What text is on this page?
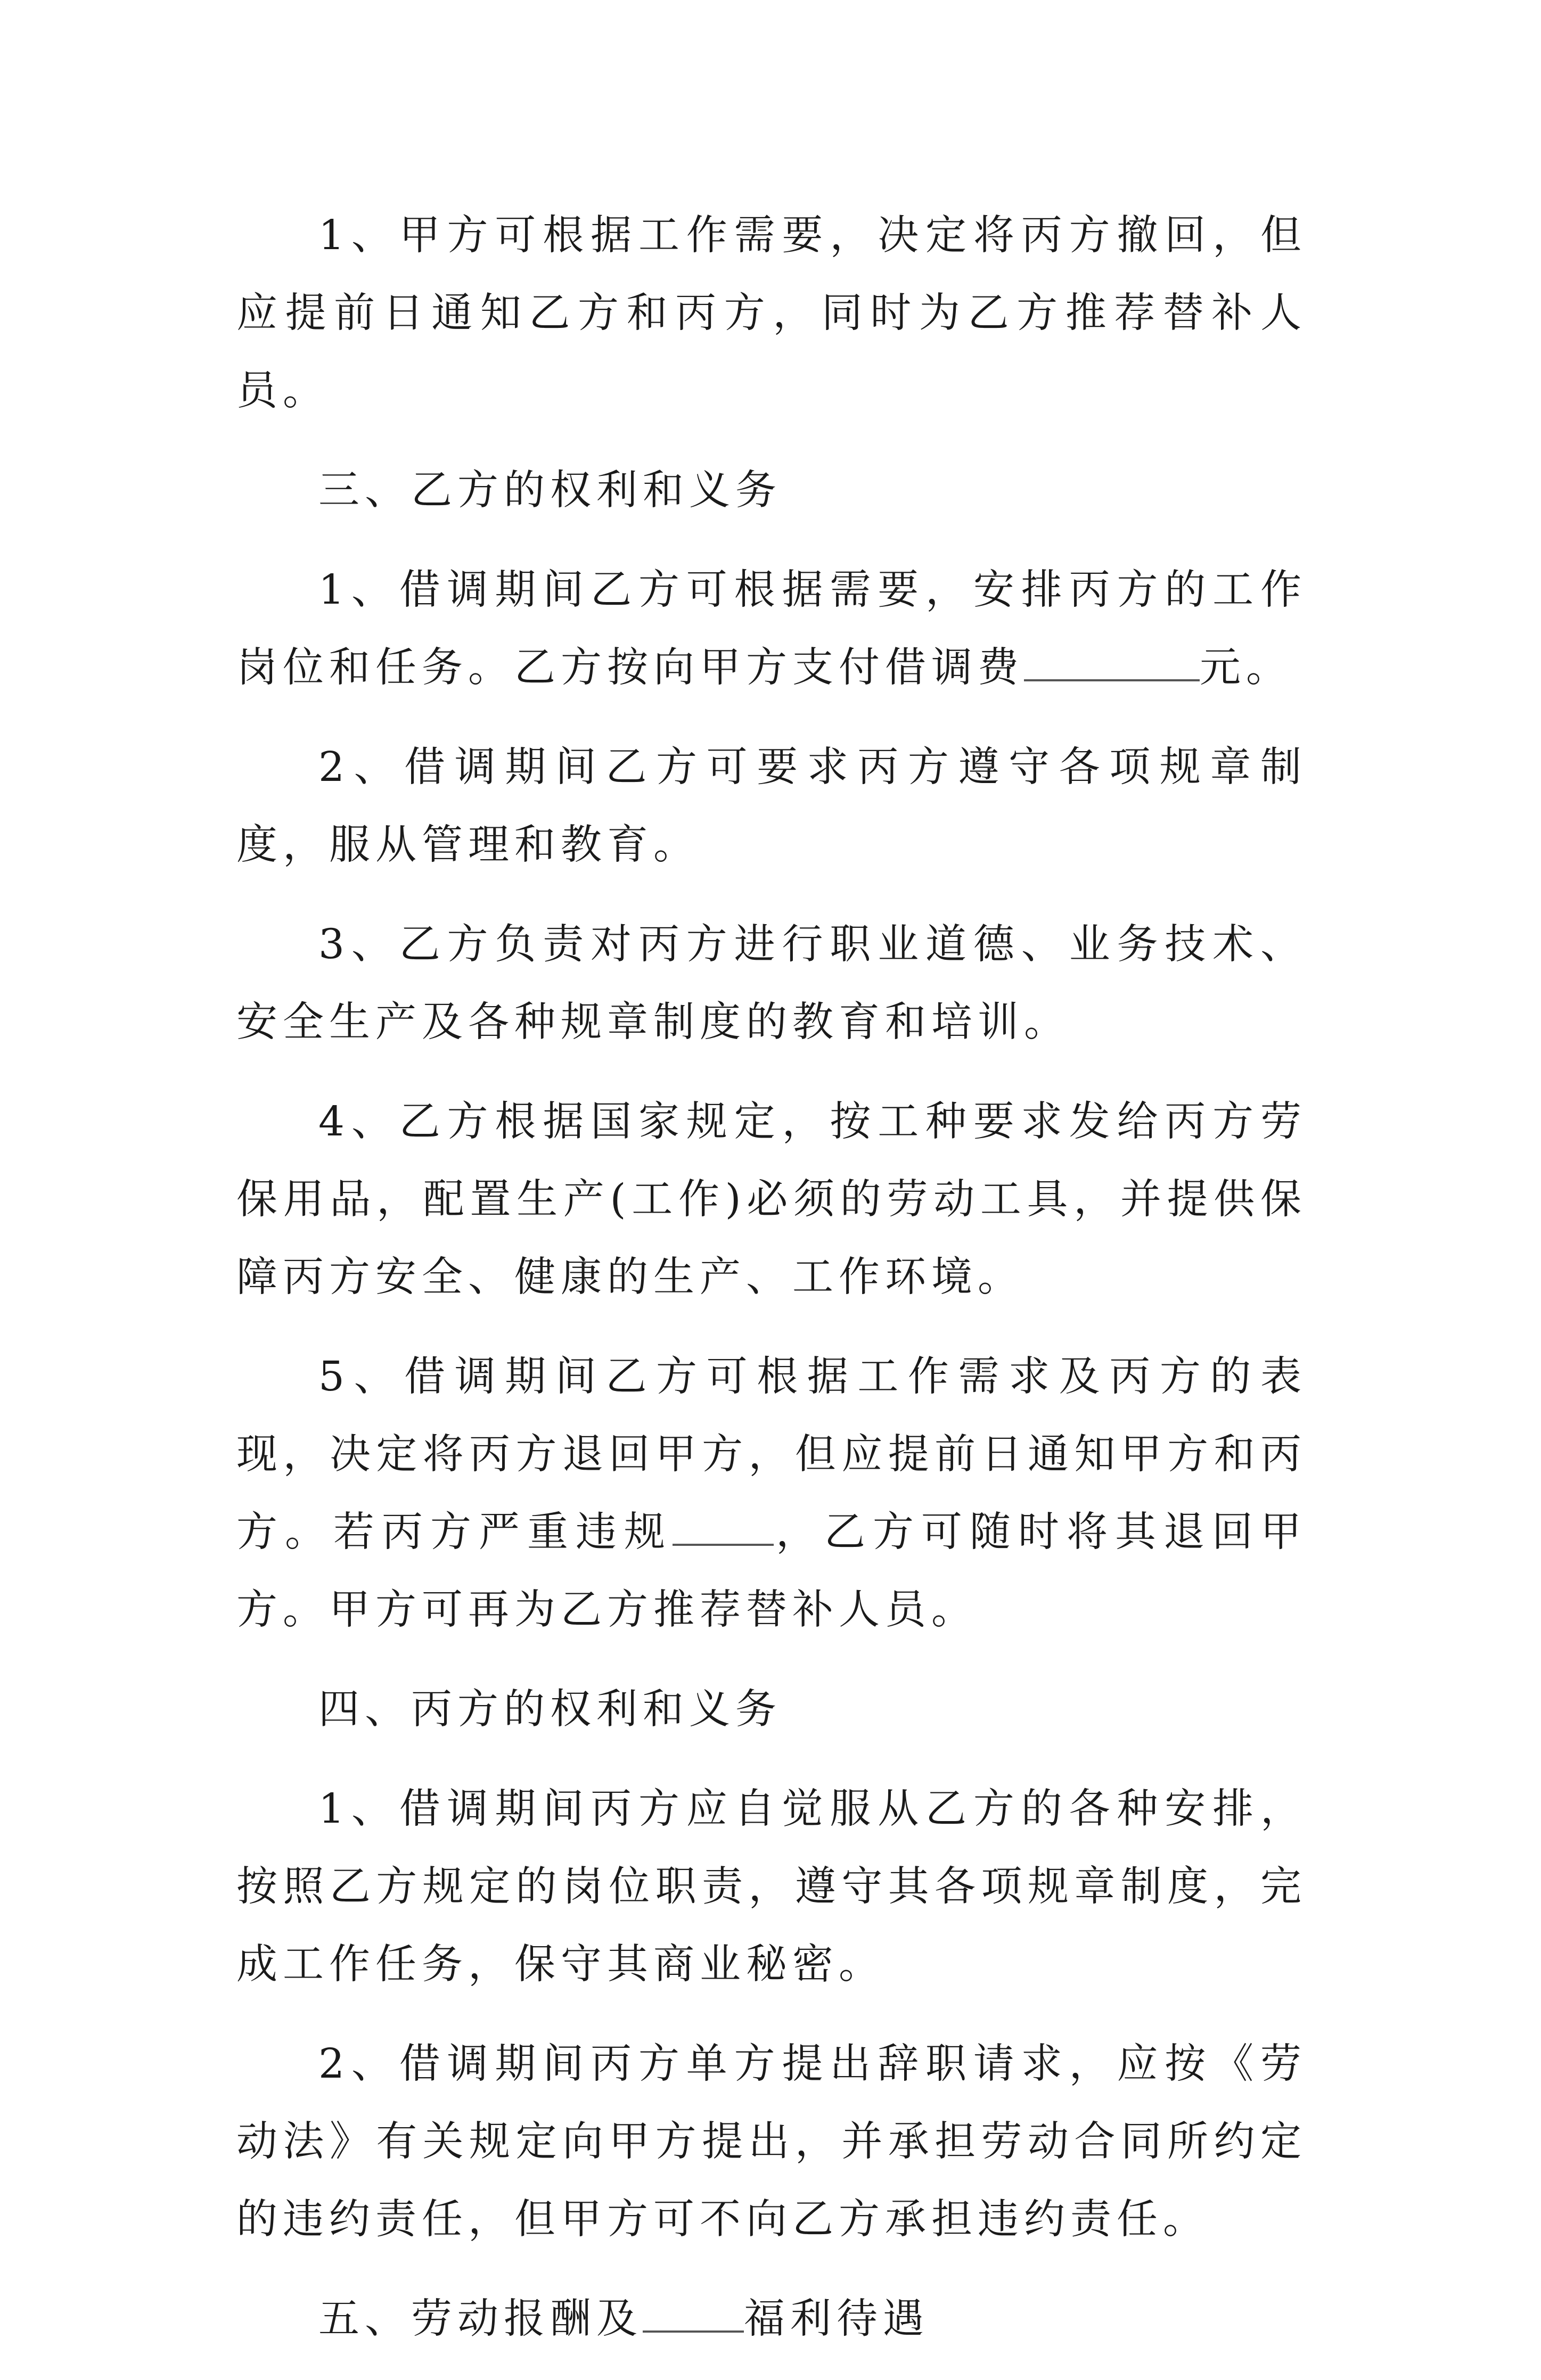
1、甲方可根据工作需要，决定将丙方撤回，但应提前日通知乙方和丙方，同时为乙方推荐替补人员。

三、乙方的权利和义务

1、借调期间乙方可根据需要，安排丙方的工作岗位和任务。乙方按向甲方支付借调费	元。

2、借调期间乙方可要求丙方遵守各项规章制度，服从管理和教育。

3、乙方负责对丙方进行职业道德、业务技术、安全生产及各种规章制度的教育和培训。

4、乙方根据国家规定，按工种要求发给丙方劳保用品，配置生产(工作)必须的劳动工具，并提供保障丙方安全、健康的生产、工作环境。

5、借调期间乙方可根据工作需求及丙方的表现，决定将丙方退回甲方，但应提前日通知甲方和丙方。若丙方严重违规 ，乙方可随时将其退回甲方。甲方可再为乙方推荐替补人员。

四、丙方的权利和义务

1、借调期间丙方应自觉服从乙方的各种安排，按照乙方规定的岗位职责，遵守其各项规章制度，完成工作任务，保守其商业秘密。

2、借调期间丙方单方提出辞职请求，应按《劳动法》有关规定向甲方提出，并承担劳动合同所约定的违约责任，但甲方可不向乙方承担违约责任。

五、劳动报酬及 福利待遇
